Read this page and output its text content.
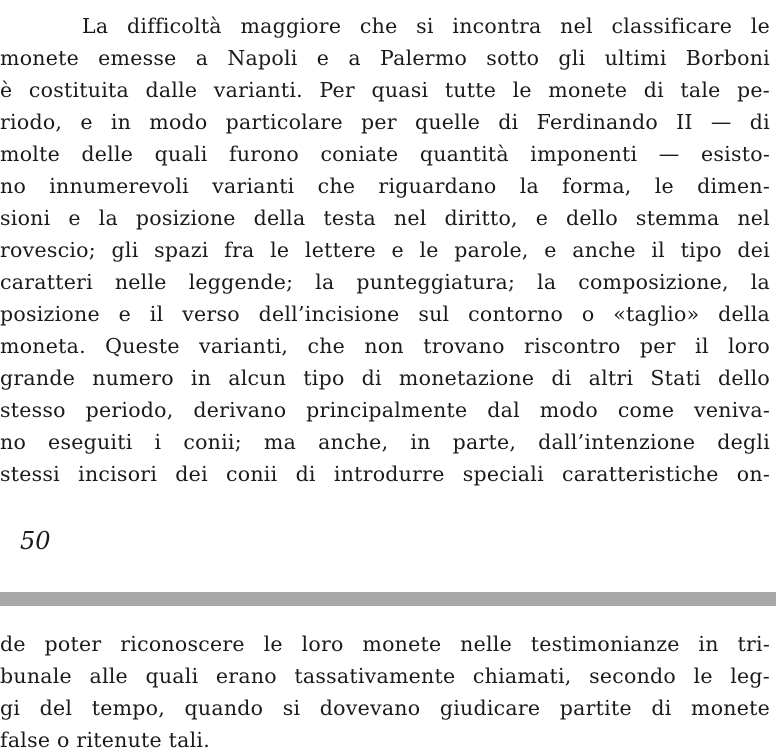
La difficoltà maggiore che si incontra nel classificare le

monete emesse a Napoli e a Palermo sotto gli ultimi Borboni

è costituita dalle varianti. Per quasi tutte le monete di tale pe-

riodo, e in modo particolare per quelle di Ferdinando II — di

molte delle quali furono coniate quantità imponenti — esisto-

no innumerevoli varianti che riguardano la forma, le dimen-

sioni e la posizione della testa nel diritto, e dello stemma nel

rovescio; gli spazi fra le lettere e le parole, e anche il tipo dei

caratteri nelle leggende; la punteggiatura; la composizione, la

posizione e il verso dell’incisione sul contorno o «taglio» della

moneta. Queste varianti, che non trovano riscontro per il loro

grande numero in alcun tipo di monetazione di altri Stati dello

stesso periodo, derivano principalmente dal modo come veniva-

no eseguiti i conii; ma anche, in parte, dall’intenzione degli

stessi incisori dei conii di introdurre speciali caratteristiche on-

50

de poter riconoscere le loro monete nelle testimonianze in tri-

bunale alle quali erano tassativamente chiamati, secondo le leg-

gi del tempo, quando si dovevano giudicare partite di monete

false o ritenute tali.
